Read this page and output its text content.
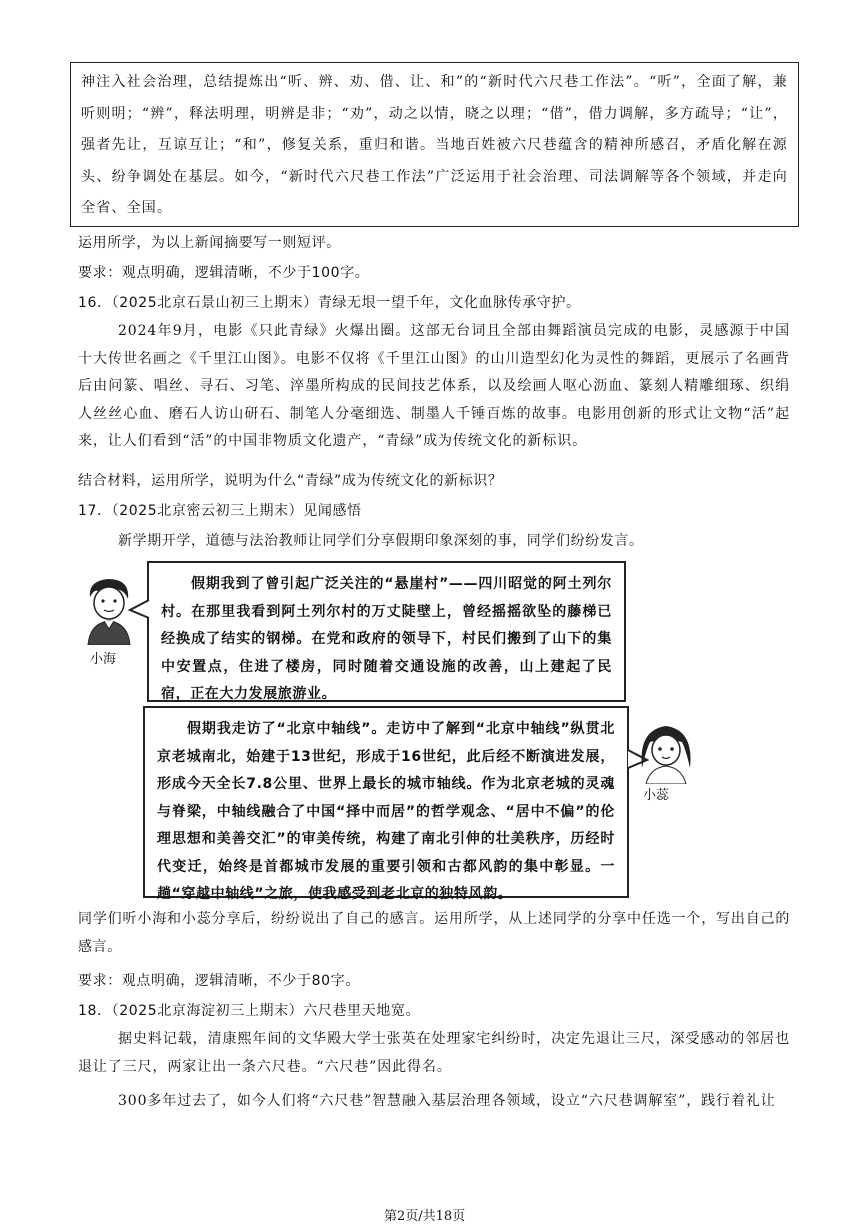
神注入社会治理，总结提炼出“听、辨、劝、借、让、和”的“新时代六尺巷工作法”。“听”，全面了解，兼听则明；“辨”，释法明理，明辨是非；“劝”，动之以情，晓之以理；“借”，借力调解，多方疏导；“让”，强者先让，互谅互让；“和”，修复关系，重归和谐。当地百姓被六尺巷蕴含的精神所感召，矛盾化解在源头、纷争调处在基层。如今，“新时代六尺巷工作法”广泛运用于社会治理、司法调解等各个领域，并走向全省、全国。

运用所学，为以上新闻摘要写一则短评。
要求：观点明确，逻辑清晰，不少于100字。
16．（2025北京石景山初三上期末）青绿无垠一望千年，文化血脉传承守护。

2024年9月，电影《只此青绿》火爆出圈。这部无台词且全部由舞蹈演员完成的电影，灵感源于中国十大传世名画之《千里江山图》。电影不仅将《千里江山图》的山川造型幻化为灵性的舞蹈，更展示了名画背后由问篆、唱丝、寻石、习笔、淬墨所构成的民间技艺体系，以及绘画人呕心沥血、篆刻人精雕细琢、织绢人丝丝心血、磨石人访山研石、制笔人分毫细选、制墨人千锤百炼的故事。电影用创新的形式让文物“活”起来，让人们看到“活”的中国非物质文化遗产，“青绿”成为传统文化的新标识。

结合材料，运用所学，说明为什么“青绿”成为传统文化的新标识？
17．（2025北京密云初三上期末）见闻感悟
新学期开学，道德与法治教师让同学们分享假期印象深刻的事，同学们纷纷发言。
小海

假期我到了曾引起广泛关注的“悬崖村”——四川昭觉的阿土列尔村。在那里我看到阿土列尔村的万丈陡壁上，曾经摇摇欲坠的藤梯已经换成了结实的钢梯。在党和政府的领导下，村民们搬到了山下的集中安置点，住进了楼房，同时随着交通设施的改善，山上建起了民宿，正在大力发展旅游业。

假期我走访了“北京中轴线”。走访中了解到“北京中轴线”纵贯北京老城南北，始建于13世纪，形成于16世纪，此后经不断演进发展，形成今天全长7.8公里、世界上最长的城市轴线。作为北京老城的灵魂与脊梁，中轴线融合了中国“择中而居”的哲学观念、“居中不偏”的伦理思想和美善交汇”的审美传统，构建了南北引伸的壮美秩序，历经时代变迁，始终是首都城市发展的重要引领和古都风韵的集中彰显。一趟“穿越中轴线”之旅，使我感受到老北京的独特风韵。

小蕊

同学们听小海和小蕊分享后，纷纷说出了自己的感言。运用所学，从上述同学的分享中任选一个，写出自己的感言。

要求：观点明确，逻辑清晰，不少于80字。
18．（2025北京海淀初三上期末）六尺巷里天地宽。

据史料记载，清康熙年间的文华殿大学士张英在处理家宅纠纷时，决定先退让三尺，深受感动的邻居也退让了三尺，两家让出一条六尺巷。“六尺巷”因此得名。

300多年过去了，如今人们将“六尺巷”智慧融入基层治理各领域，设立“六尺巷调解室”，践行着礼让

第2页/共18页
